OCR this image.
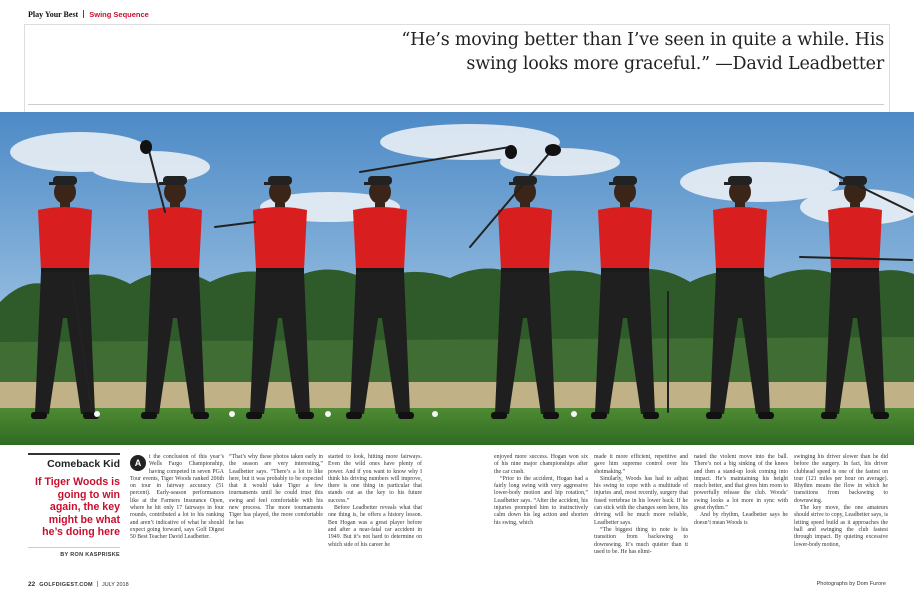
Play Your Best Swing Sequence
“He’s moving better than I’ve seen in quite a while. His swing looks more graceful.” —David Leadbetter
Comeback Kid
If Tiger Woods is going to win again, the key might be what he’s doing here
BY RON KASPRISKE
A

t the conclusion of this year’s Wells Fargo Championship, having competed in seven PGA Tour events, Tiger Woods ranked 206th on tour in fairway accuracy (51 percent). Early-season performances like at the Farmers Insurance Open, where he hit only 17 fairways in four rounds, contributed a lot to his ranking and aren’t indicative of what he should expect going forward, says Golf Digest 50 Best Teacher David Leadbetter.

“That’s why these photos taken early in the season are very interesting,” Leadbetter says. “There’s a lot to like here, but it was probably to be expected that it would take Tiger a few tournaments until he could trust this swing and feel comfortable with his new process. The more tournaments Tiger has played, the more comfortable he has

started to look, hitting more fairways. Even the wild ones have plenty of power. And if you want to know why I think his driving numbers will improve, there is one thing in particular that stands out as the key to his future success.”

Before Leadbetter reveals what that one thing is, he offers a history lesson. Ben Hogan was a great player before and after a near-fatal car accident in 1949. But it’s not hard to determine on which side of his career he

enjoyed more success. Hogan won six of his nine major championships after the car crash.

“Prior to the accident, Hogan had a fairly long swing with very aggressive lower-body motion and hip rotation,” Leadbetter says. “After the accident, his injuries prompted him to instinctively calm down his leg action and shorten his swing, which

made it more efficient, repetitive and gave him supreme control over his shotmaking.”

Similarly, Woods has had to adjust his swing to cope with a multitude of injuries and, most recently, surgery that fused vertebrae in his lower back. If he can stick with the changes seen here, his driving will be much more reliable, Leadbetter says.

“The biggest thing to note is his transition from backswing to downswing. It’s much quieter than it used to be. He has elimi-

nated the violent move into the ball. There’s not a big sinking of the knees and then a stand-up look coming into impact. He’s maintaining his height much better, and that gives him room to powerfully release the club. Woods’ swing looks a lot more in sync with great rhythm.”

And by rhythm, Leadbetter says he doesn’t mean Woods is

swinging his driver slower than he did before the surgery. In fact, his driver clubhead speed is one of the fastest on tour (121 miles per hour on average). Rhythm means the flow in which he transitions from backswing to downswing.

The key move, the one amateurs should strive to copy, Leadbetter says, is letting speed build as it approaches the ball and swinging the club fastest through impact. By quieting excessive lower-body motion,

22 GOLFDIGEST.COM JULY 2018	Photographs by Dom Furore
